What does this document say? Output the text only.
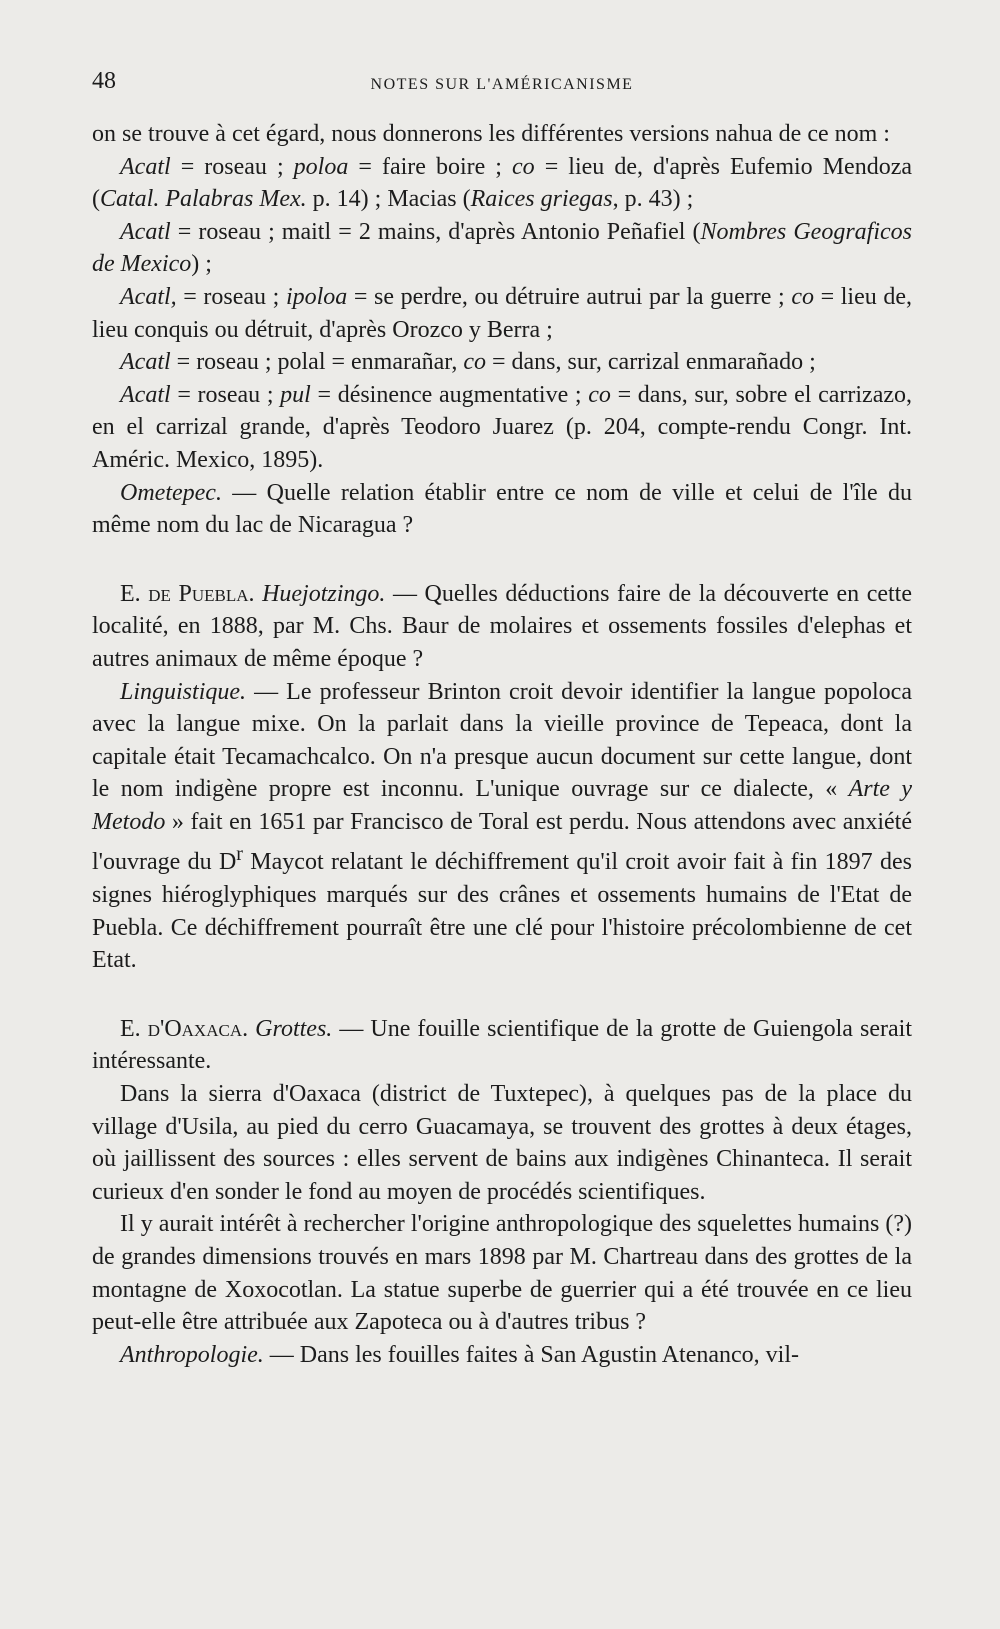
48	NOTES SUR L'AMÉRICANISME

on se trouve à cet égard, nous donnerons les différentes versions nahua de ce nom :

Acatl = roseau ; poloa = faire boire ; co = lieu de, d'après Eufemio Mendoza (Catal. Palabras Mex. p. 14) ; Macias (Raices griegas, p. 43) ;

Acatl = roseau ; maitl = 2 mains, d'après Antonio Peñafiel (Nombres Geograficos de Mexico) ;

Acatl, = roseau ; ipoloa = se perdre, ou détruire autrui par la guerre ; co = lieu de, lieu conquis ou détruit, d'après Orozco y Berra ;

Acatl = roseau ; polal = enmarañar, co = dans, sur, carrizal enmarañado ;

Acatl = roseau ; pul = désinence augmentative ; co = dans, sur, sobre el carrizazo, en el carrizal grande, d'après Teodoro Juarez (p. 204, compte-rendu Congr. Int. Améric. Mexico, 1895).

Ometepec. — Quelle relation établir entre ce nom de ville et celui de l'île du même nom du lac de Nicaragua ?

E. de Puebla. Huejotzingo. — Quelles déductions faire de la découverte en cette localité, en 1888, par M. Chs. Baur de molaires et ossements fossiles d'elephas et autres animaux de même époque ?

Linguistique. — Le professeur Brinton croit devoir identifier la langue popoloca avec la langue mixe. On la parlait dans la vieille province de Tepeaca, dont la capitale était Tecamachcalco. On n'a presque aucun document sur cette langue, dont le nom indigène propre est inconnu. L'unique ouvrage sur ce dialecte, « Arte y Metodo » fait en 1651 par Francisco de Toral est perdu. Nous attendons avec anxiété l'ouvrage du $D^r$ Maycot relatant le déchiffrement qu'il croit avoir fait à fin 1897 des signes hiéroglyphiques marqués sur des crânes et ossements humains de l'Etat de Puebla. Ce déchiffrement pourraît être une clé pour l'histoire précolombienne de cet Etat.

E. d'Oaxaca. Grottes. — Une fouille scientifique de la grotte de Guiengola serait intéressante.

Dans la sierra d'Oaxaca (district de Tuxtepec), à quelques pas de la place du village d'Usila, au pied du cerro Guacamaya, se trouvent des grottes à deux étages, où jaillissent des sources : elles servent de bains aux indigènes Chinanteca. Il serait curieux d'en sonder le fond au moyen de procédés scientifiques.

Il y aurait intérêt à rechercher l'origine anthropologique des squelettes humains (?) de grandes dimensions trouvés en mars 1898 par M. Chartreau dans des grottes de la montagne de Xoxocotlan. La statue superbe de guerrier qui a été trouvée en ce lieu peut-elle être attribuée aux Zapoteca ou à d'autres tribus ?

Anthropologie. — Dans les fouilles faites à San Agustin Atenanco, vil-
